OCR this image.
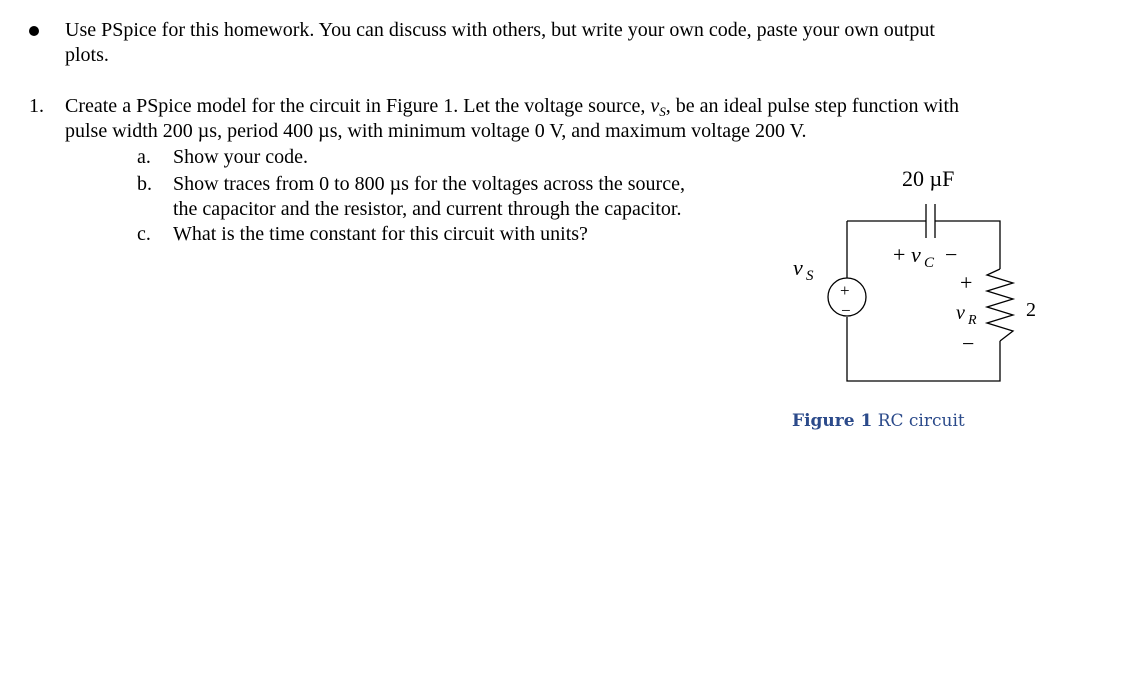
Use PSpice for this homework. You can discuss with others, but write your own code, paste your own output
plots.
1. Create a PSpice model for the circuit in Figure 1. Let the voltage source, $v_S$, be an ideal pulse step function with
pulse width 200 µs, period 400 µs, with minimum voltage 0 V, and maximum voltage 200 V.
a. Show your code.
b. Show traces from 0 to 800 µs for the voltages across the source,
the capacitor and the resistor, and current through the capacitor.
c. What is the time constant for this circuit with units?
20 µF
+ v C −
v S
+
−
+
v R
−
2
Figure 1 RC circuit
